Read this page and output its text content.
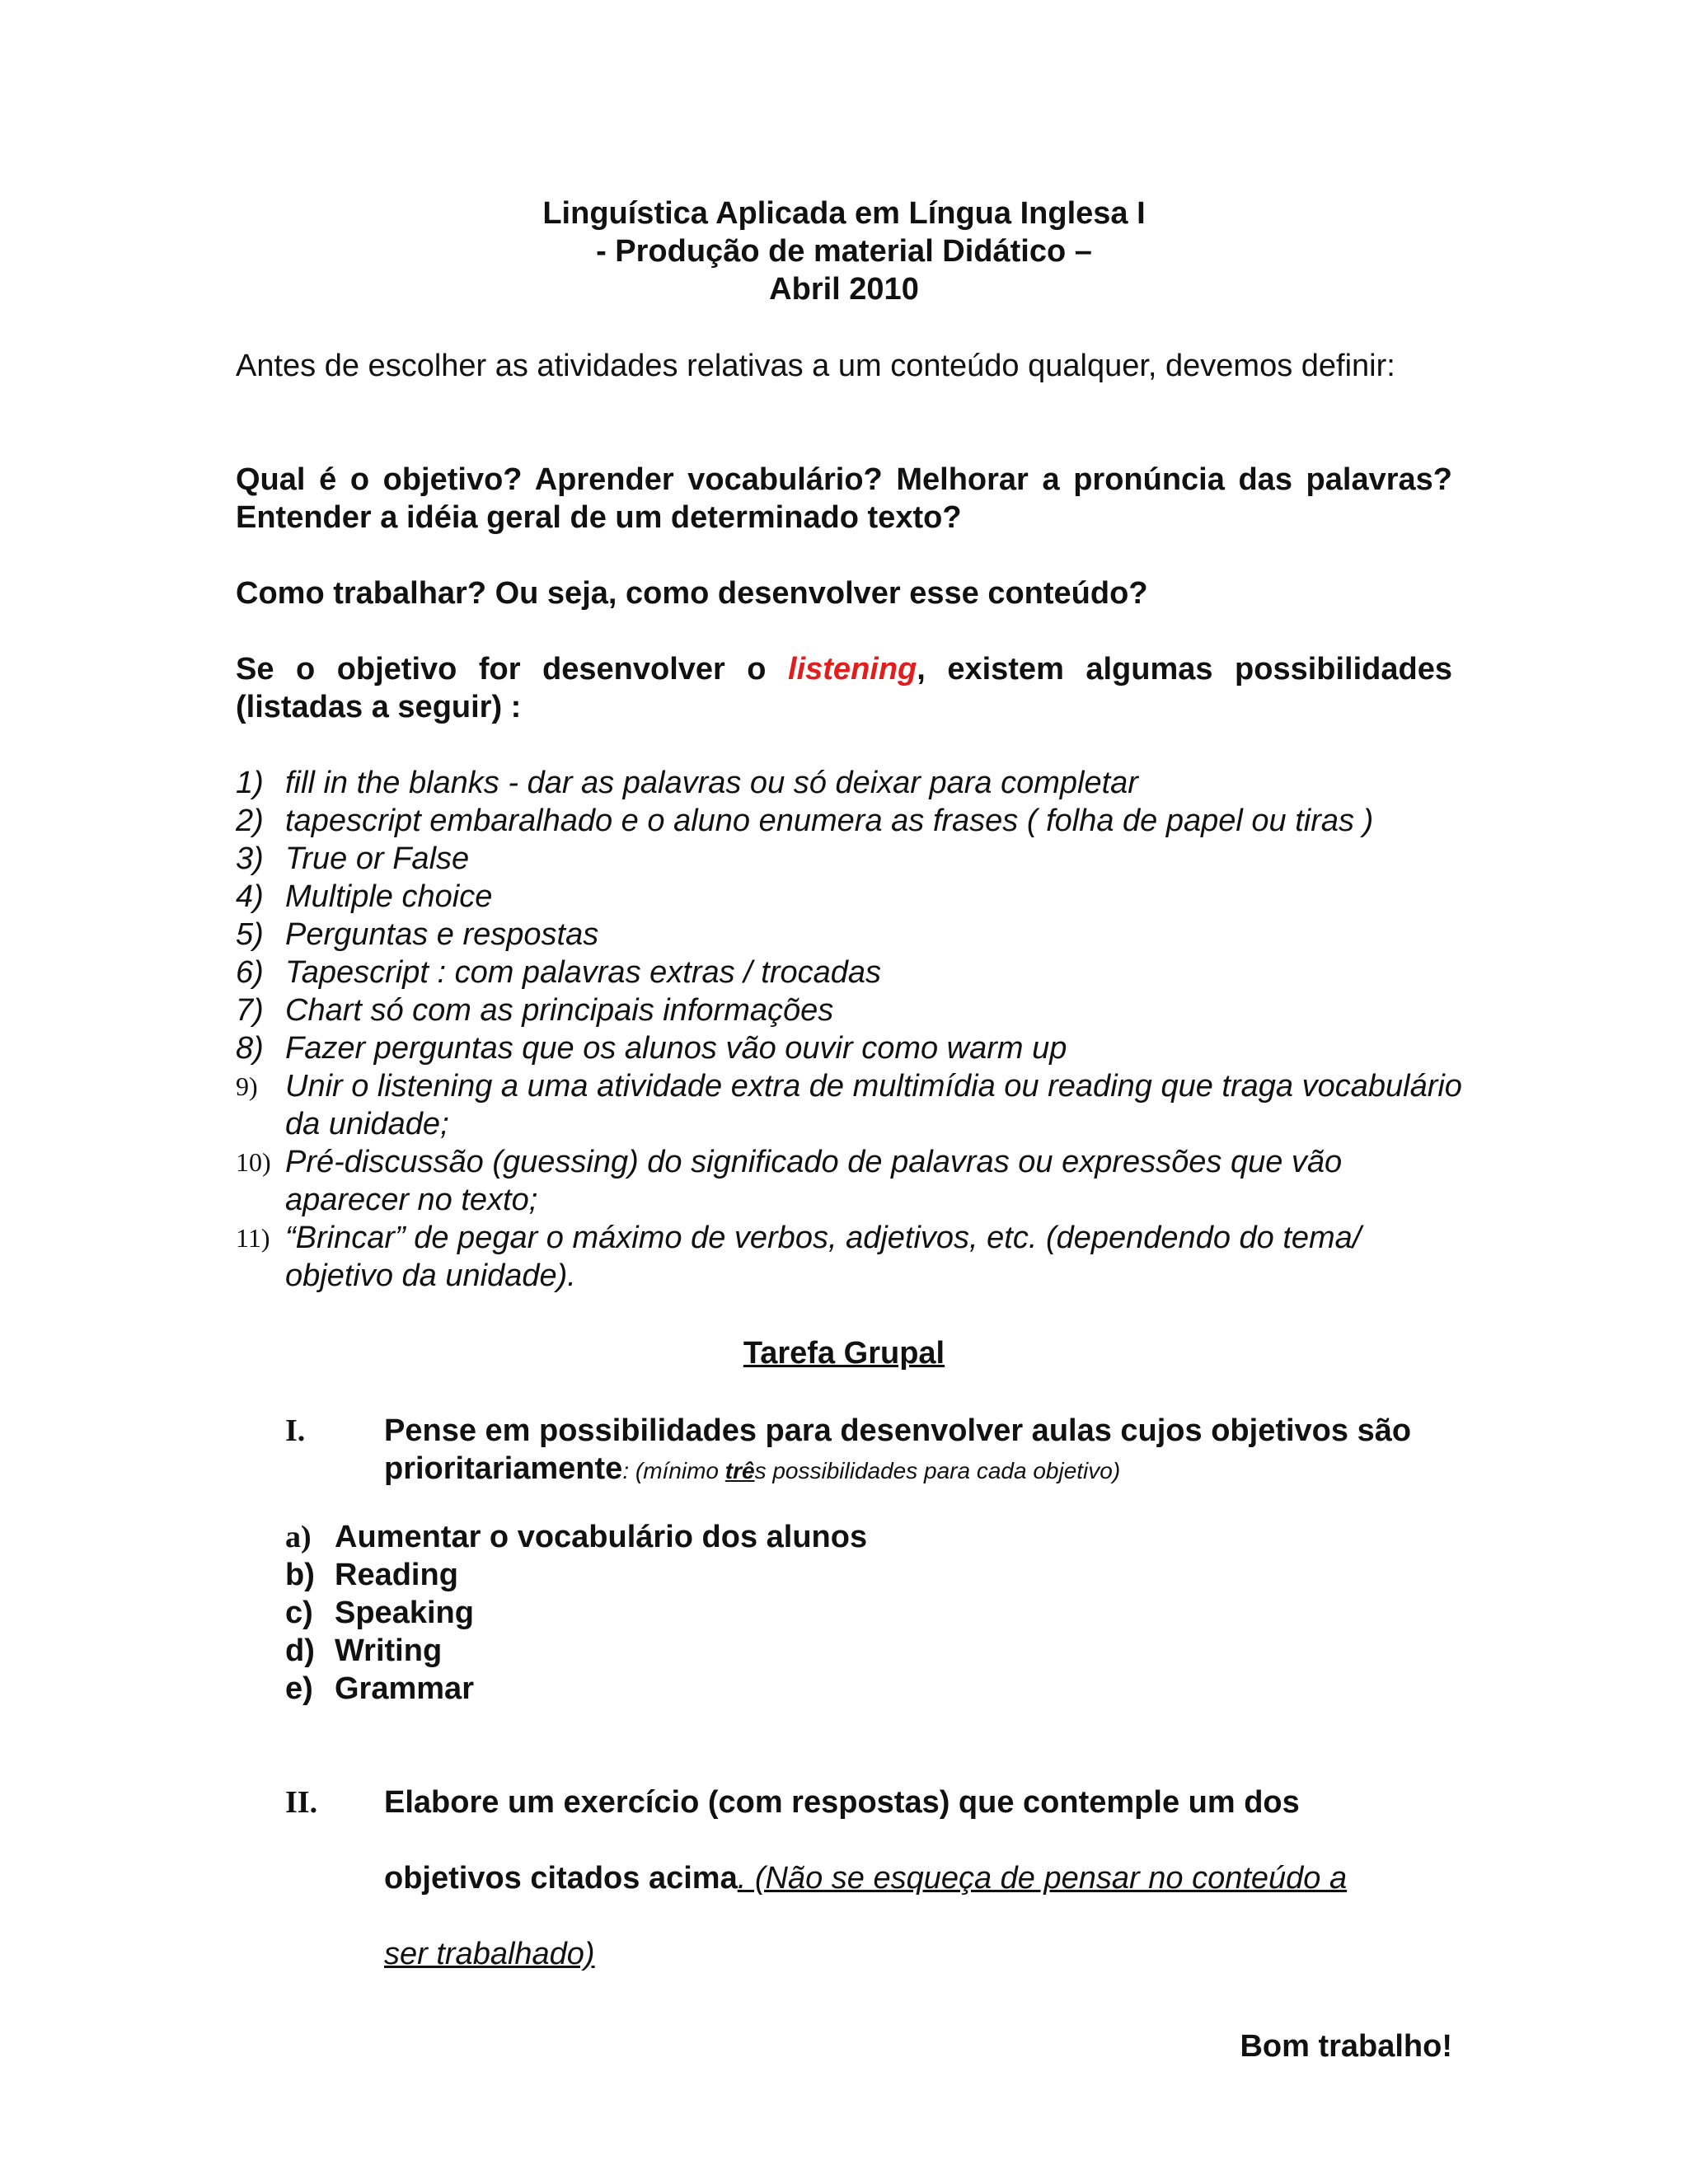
Linguística Aplicada em Língua Inglesa I
- Produção de material Didático –
Abril 2010
Antes de escolher as atividades relativas a um conteúdo qualquer, devemos definir:
Qual é o objetivo? Aprender vocabulário? Melhorar a pronúncia das palavras? Entender a idéia geral de um determinado texto?
Como trabalhar? Ou seja, como desenvolver esse conteúdo?
Se o objetivo for desenvolver o listening, existem algumas possibilidades (listadas a seguir) :
1) fill in the blanks - dar as palavras ou só deixar para completar
2) tapescript embaralhado e o aluno enumera as frases ( folha de papel ou tiras )
3) True or False
4) Multiple choice
5) Perguntas e respostas
6) Tapescript : com palavras extras / trocadas
7) Chart só com as principais informações
8) Fazer perguntas que os alunos vão ouvir como warm up
9) Unir o listening a uma atividade extra de multimídia ou reading que traga vocabulário da unidade;
10) Pré-discussão (guessing) do significado de palavras ou expressões que vão aparecer no texto;
11) “Brincar” de pegar o máximo de verbos, adjetivos, etc. (dependendo do tema/ objetivo da unidade).
Tarefa Grupal
I.	Pense em possibilidades para desenvolver aulas cujos objetivos são prioritariamente: (mínimo três possibilidades para cada objetivo)
a) Aumentar o vocabulário dos alunos
b) Reading
c) Speaking
d) Writing
e) Grammar
II. Elabore um exercício (com respostas) que contemple um dos
objetivos citados acima. (Não se esqueça de pensar no conteúdo a
ser trabalhado)
Bom trabalho!
